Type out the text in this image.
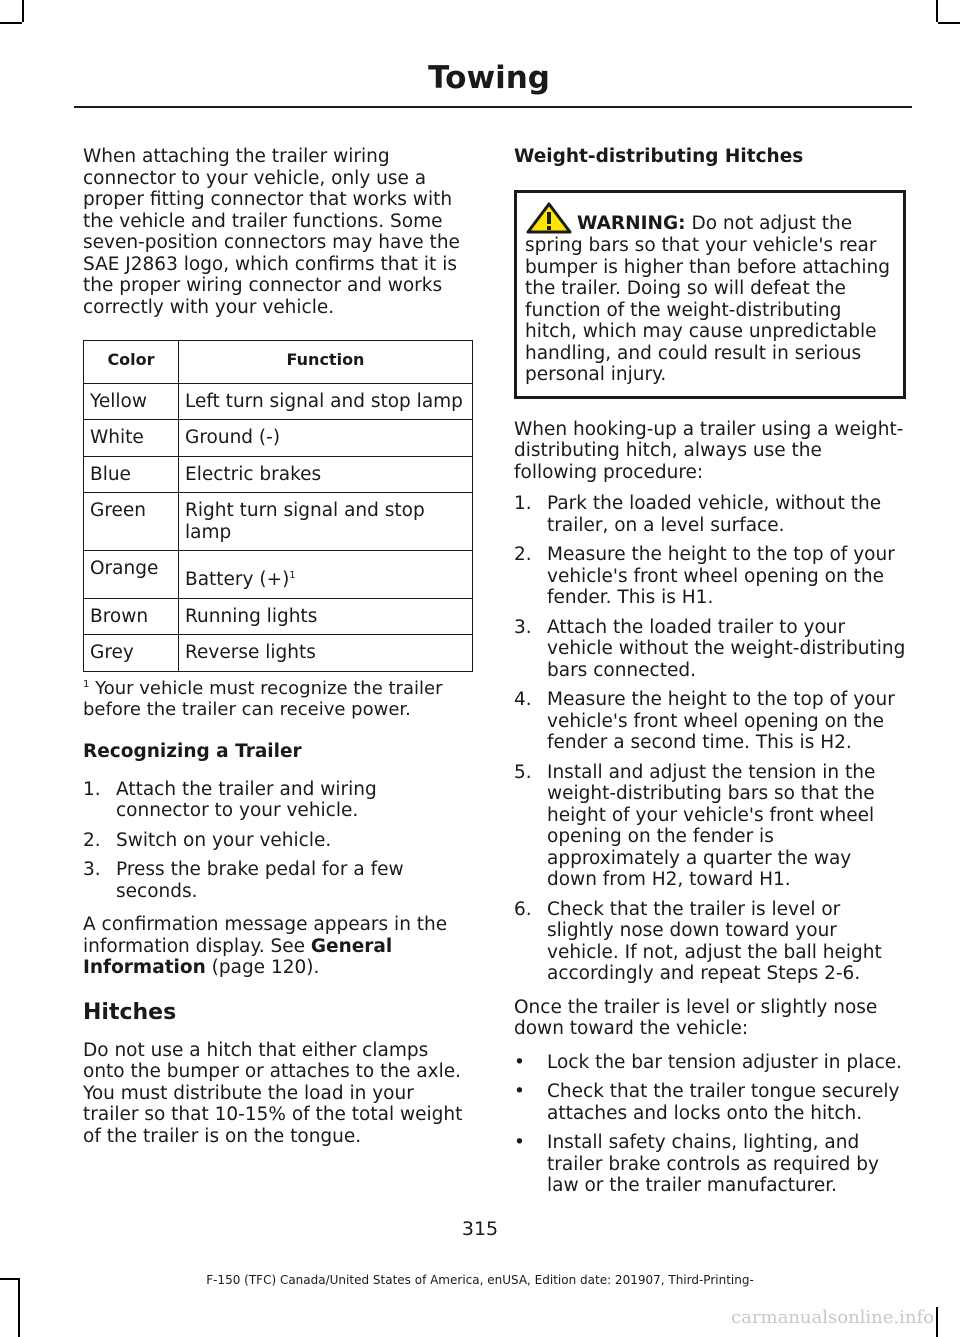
Towing

When attaching the trailer wiring connector to your vehicle, only use a proper fitting connector that works with the vehicle and trailer functions. Some seven-position connectors may have the SAE J2863 logo, which confirms that it is the proper wiring connector and works correctly with your vehicle.

Color	Function
Yellow	Left turn signal and stop lamp
White	Ground (-)
Blue	Electric brakes
Green	Right turn signal and stop lamp
Orange	Battery $(+)^1$
Brown	Running lights
Grey	Reverse lights

$^1$ Your vehicle must recognize the trailer before the trailer can receive power.

Recognizing a Trailer
1. Attach the trailer and wiring connector to your vehicle.
2. Switch on your vehicle.
3. Press the brake pedal for a few seconds.

A confirmation message appears in the information display. See General Information (page 120).

Hitches

Do not use a hitch that either clamps onto the bumper or attaches to the axle. You must distribute the load in your trailer so that 10-15% of the total weight of the trailer is on the tongue.

Weight-distributing Hitches

WARNING: Do not adjust the spring bars so that your vehicle's rear bumper is higher than before attaching the trailer. Doing so will defeat the function of the weight-distributing hitch, which may cause unpredictable handling, and could result in serious personal injury.

When hooking-up a trailer using a weight-distributing hitch, always use the following procedure:

1. Park the loaded vehicle, without the trailer, on a level surface.
2. Measure the height to the top of your vehicle's front wheel opening on the fender. This is H1.
3. Attach the loaded trailer to your vehicle without the weight-distributing bars connected.
4. Measure the height to the top of your vehicle's front wheel opening on the fender a second time. This is H2.
5. Install and adjust the tension in the weight-distributing bars so that the height of your vehicle's front wheel opening on the fender is approximately a quarter the way down from H2, toward H1.
6. Check that the trailer is level or slightly nose down toward your vehicle. If not, adjust the ball height accordingly and repeat Steps 2-6.

Once the trailer is level or slightly nose down toward the vehicle:

• Lock the bar tension adjuster in place.
• Check that the trailer tongue securely attaches and locks onto the hitch.
• Install safety chains, lighting, and trailer brake controls as required by law or the trailer manufacturer.
315
F-150 (TFC) Canada/United States of America, enUSA, Edition date: 201907, Third-Printing-
carmanualsonline.info
